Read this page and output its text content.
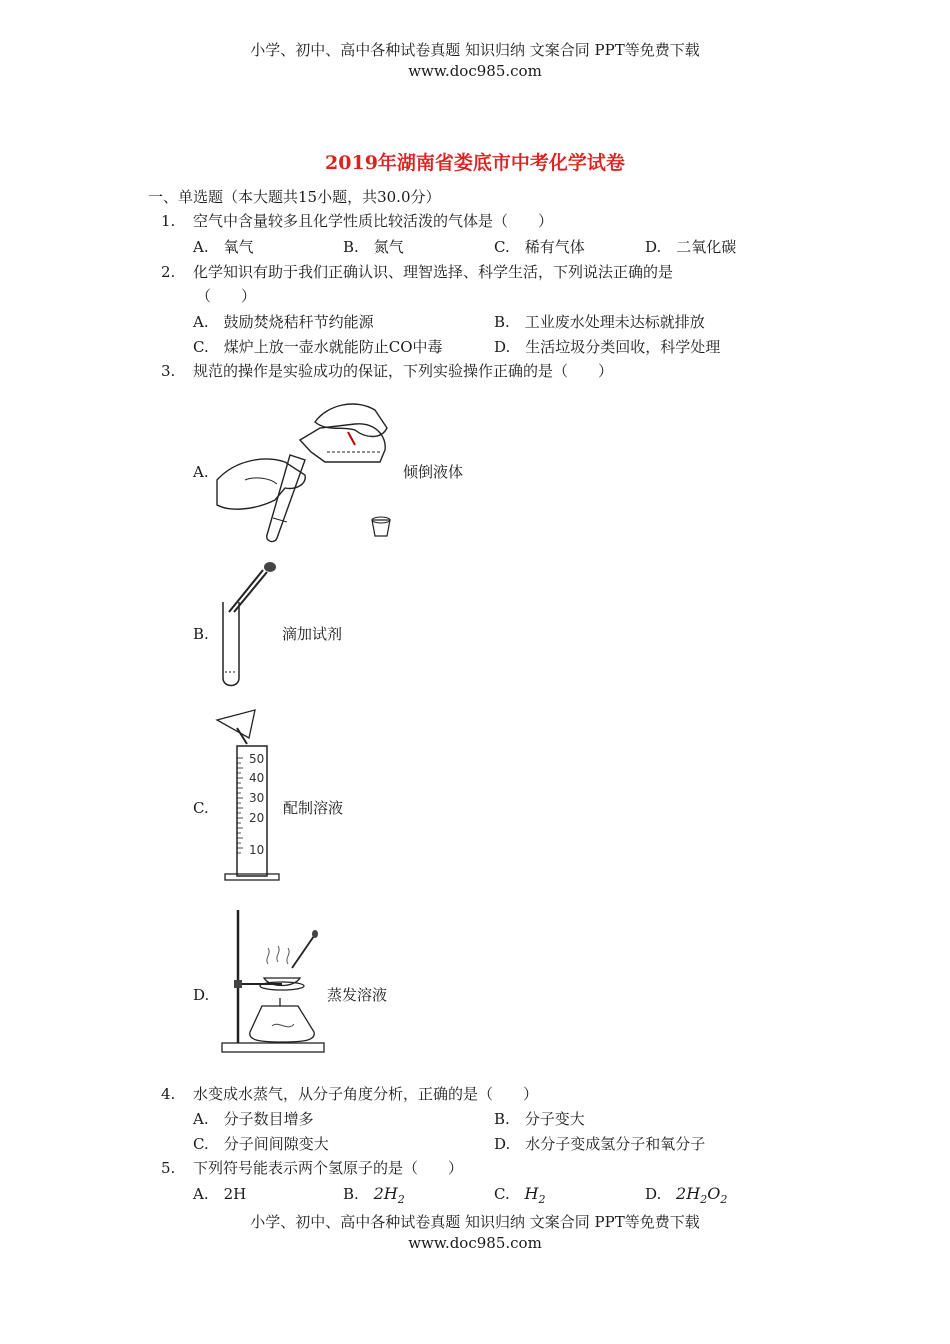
小学、初中、高中各种试卷真题 知识归纳 文案合同 PPT等免费下载
www.doc985.com
2019年湖南省娄底市中考化学试卷
一、单选题（本大题共15小题，共30.0分）
1. 空气中含量较多且化学性质比较活泼的气体是（　　）
A.　氧气	B.　氮气	C.　稀有气体	D.　二氧化碳
2. 化学知识有助于我们正确认识、理智选择、科学生活，下列说法正确的是
（　　）
A.　鼓励焚烧秸秆节约能源	B.　工业废水处理未达标就排放
C.　煤炉上放一壶水就能防止CO中毒	D.　生活垃圾分类回收，科学处理
3. 规范的操作是实验成功的保证，下列实验操作正确的是（　　）
A.	倾倒液体
B.	滴加试剂
C.	配制溶液
50
40
30
20
10
D.	蒸发溶液
4. 水变成水蒸气，从分子角度分析，正确的是（　　）
A.　分子数目增多	B.　分子变大
C.　分子间间隙变大	D.　水分子变成氢分子和氧分子
5. 下列符号能表示两个氢原子的是（　　）
A.　2H	B. $2H_2$	C. $H_2$	D. $2H_2O_2$
小学、初中、高中各种试卷真题 知识归纳 文案合同 PPT等免费下载
www.doc985.com
